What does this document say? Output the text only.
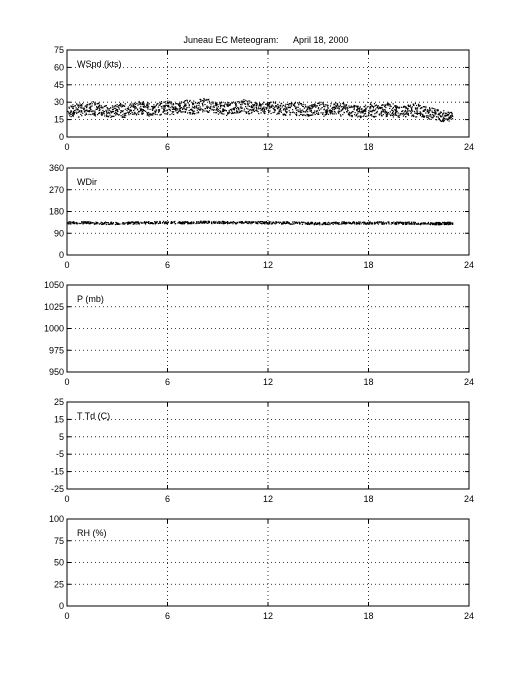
Juneau EC Meteogram:      April 18, 2000
0	6	12	18	24
0
15
30
45
60
75
WSpd (kts)
0	6	12	18	24
0
90
180
270
360
WDir
0	6	12	18	24
950
975
1000
1025
1050
P (mb)
0	6	12	18	24
-25
-15
-5
5
15
25
T Td (C)
0	6	12	18	24
0
25
50
75
100
RH (%)
